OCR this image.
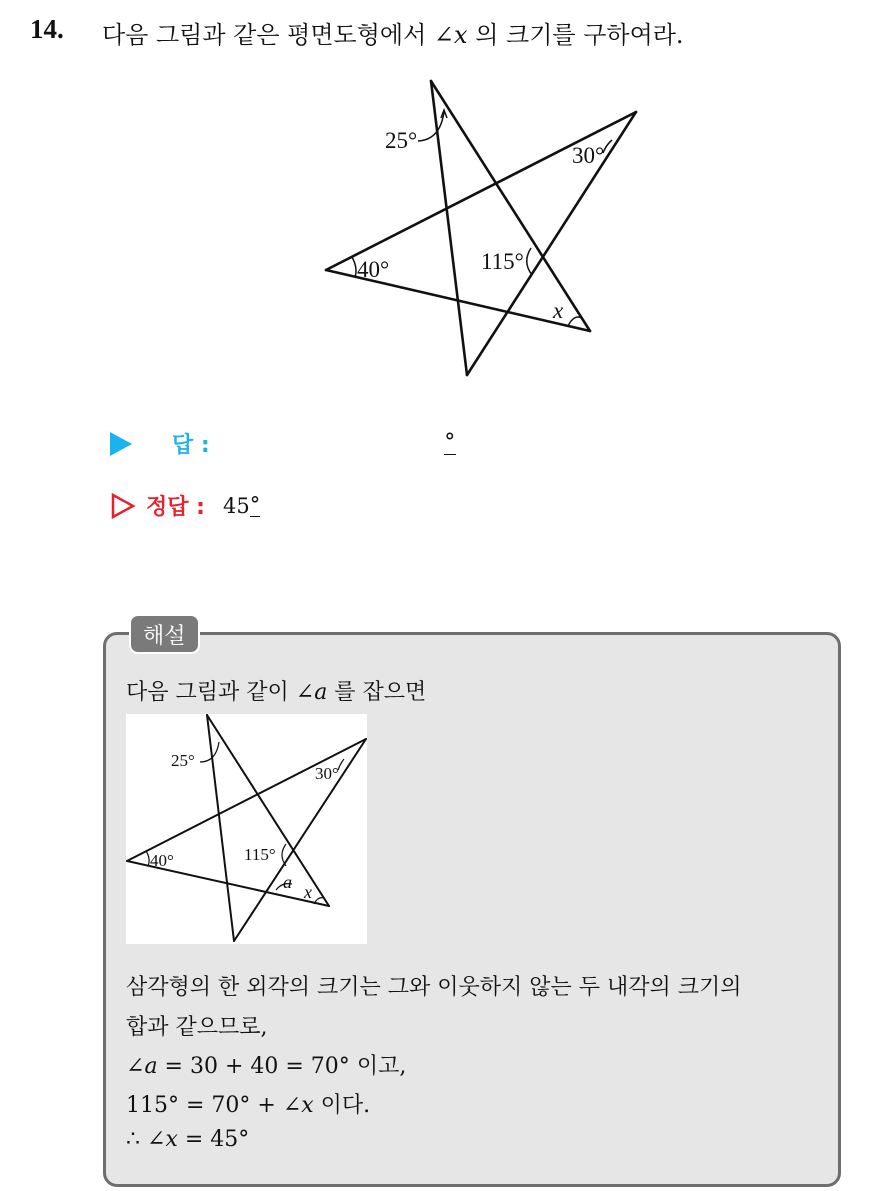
14. 다음 그림과 같은 평면도형에서 ∠x 의 크기를 구하여라.
25°
30°
40°	115°
x
답 :	°
정답 : 45 °
해설
다음 그림과 같이 ∠a 를 잡으면
25°
30°
40°	115°
a x
삼각형의 한 외각의 크기는 그와 이웃하지 않는 두 내각의 크기의
합과 같으므로,
∠a = 30 + 40 = 70° 이고,
115° = 70° + ∠x 이다.
∴ ∠x = 45°
